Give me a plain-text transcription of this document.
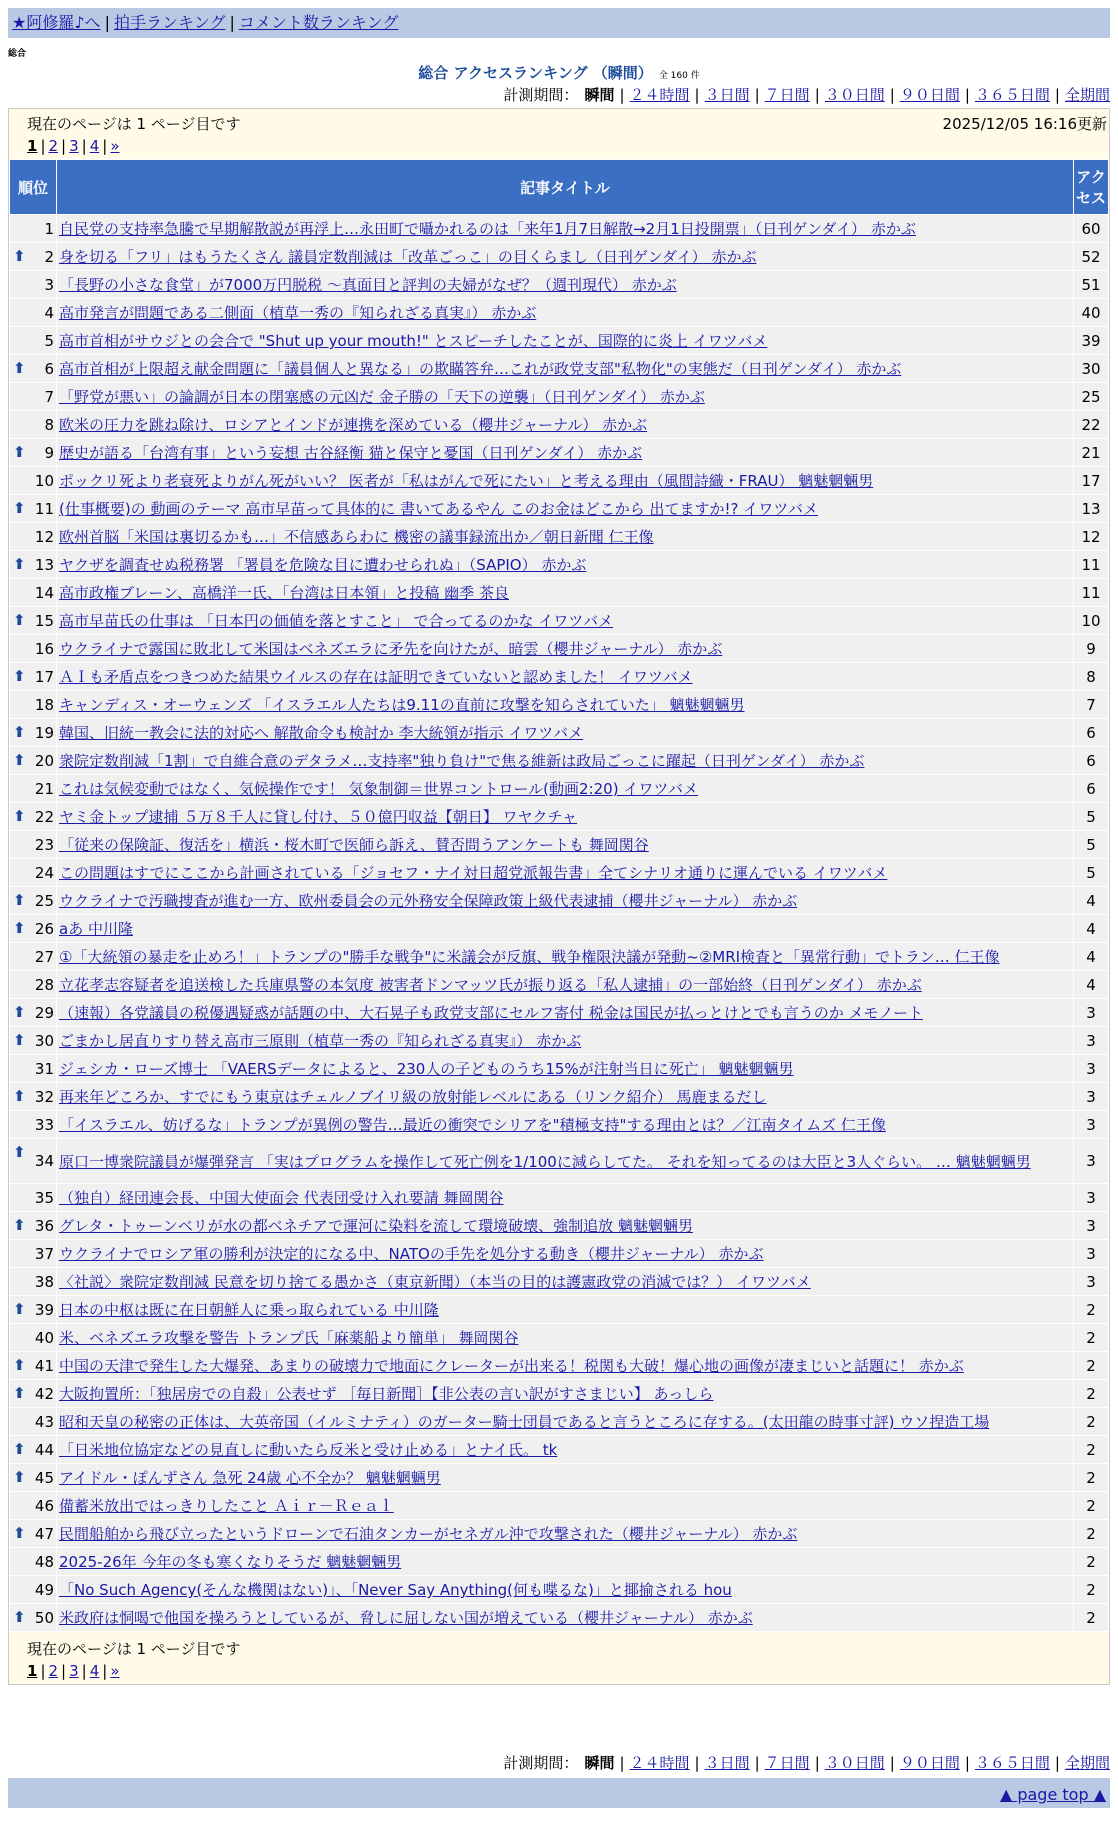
★阿修羅♪へ | 拍手ランキング | コメント数ランキング
総合
総合 アクセスランキング （瞬間） 全 160 件
計測期間： 瞬間 | ２４時間 | ３日間 | ７日間 | ３０日間 | ９０日間 | ３６５日間 | 全期間
現在のページは 1 ページ目です	2025/12/05 16:16更新
1 | 2 | 3 | 4 | »
順位	記事タイトル	アクセス
1	自民党の支持率急騰で早期解散説が再浮上…永田町で囁かれるのは「来年1月7日解散→2月1日投開票」（日刊ゲンダイ） 赤かぶ	60

⬆ 2	身を切る「フリ」はもうたくさん 議員定数削減は「改革ごっこ」の目くらまし（日刊ゲンダイ） 赤かぶ	52
3	「長野の小さな食堂」が7000万円脱税 ～真面目と評判の夫婦がなぜ？（週刊現代） 赤かぶ	51
4	高市発言が問題である二側面（植草一秀の『知られざる真実』） 赤かぶ	40
5	高市首相がサウジとの会合で "Shut up your mouth!" とスピーチしたことが、国際的に炎上 イワツバメ	39

⬆ 6	高市首相が上限超え献金問題に「議員個人と異なる」の欺瞞答弁…これが政党支部"私物化"の実態だ（日刊ゲンダイ） 赤かぶ	30
7	「野党が悪い」の論調が日本の閉塞感の元凶だ 金子勝の「天下の逆襲」（日刊ゲンダイ） 赤かぶ	25
8	欧米の圧力を跳ね除け、ロシアとインドが連携を深めている（櫻井ジャーナル） 赤かぶ	22

⬆ 9	歴史が語る「台湾有事」という妄想 古谷経衡 猫と保守と憂国（日刊ゲンダイ） 赤かぶ	21
10	ポックリ死より老衰死よりがん死がいい？ 医者が「私はがんで死にたい」と考える理由（風間詩織・FRAU） 魑魅魍魎男	17

⬆ 11	(仕事概要)の 動画のテーマ 高市早苗って具体的に 書いてあるやん このお金はどこから 出てますか!? イワツバメ	13
12	欧州首脳「米国は裏切るかも…」不信感あらわに 機密の議事録流出か／朝日新聞 仁王像	12

⬆ 13	ヤクザを調査せぬ税務署 「署員を危険な目に遭わせられぬ」（SAPIO） 赤かぶ	11
14	高市政権ブレーン、高橋洋一氏、「台湾は日本領」と投稿 幽季 茶良	11

⬆ 15	高市早苗氏の仕事は 「日本円の価値を落とすこと」 で合ってるのかな イワツバメ	10
16	ウクライナで露国に敗北して米国はベネズエラに矛先を向けたが、暗雲（櫻井ジャーナル） 赤かぶ	9

⬆ 17	ＡＩも矛盾点をつきつめた結果ウイルスの存在は証明できていないと認めました！ イワツバメ	8
18	キャンディス・オーウェンズ 「イスラエル人たちは9.11の直前に攻撃を知らされていた」 魑魅魍魎男	7

⬆ 19	韓国、旧統一教会に法的対応へ 解散命令も検討か 李大統領が指示 イワツバメ	6

⬆ 20	衆院定数削減「1割」で自維合意のデタラメ…支持率"独り負け"で焦る維新は政局ごっこに躍起（日刊ゲンダイ） 赤かぶ	6
21	これは気候変動ではなく、気候操作です！ 気象制御＝世界コントロール(動画2:20) イワツバメ	6

⬆ 22	ヤミ金トップ逮捕 ５万８千人に貸し付け、５０億円収益【朝日】 ワヤクチャ	5
23	「従来の保険証、復活を」横浜・桜木町で医師ら訴え、賛否問うアンケートも 舞岡関谷	5
24	この問題はすでにここから計画されている「ジョセフ・ナイ対日超党派報告書」全てシナリオ通りに運んでいる イワツバメ	5

⬆ 25	ウクライナで汚職捜査が進む一方、欧州委員会の元外務安全保障政策上級代表逮捕（櫻井ジャーナル） 赤かぶ	4

⬆ 26	aあ 中川隆	4
27	①「大統領の暴走を止めろ！」トランプの"勝手な戦争"に米議会が反旗、戦争権限決議が発動~②MRI検査と「異常行動」でトラン… 仁王像	4
28	立花孝志容疑者を追送検した兵庫県警の本気度 被害者ドンマッツ氏が振り返る「私人逮捕」の一部始終（日刊ゲンダイ） 赤かぶ	4

⬆ 29	（速報）各党議員の税優遇疑惑が話題の中、大石晃子も政党支部にセルフ寄付 税金は国民が払っとけとでも言うのか メモノート	3

⬆ 30	ごまかし居直りすり替え高市三原則（植草一秀の『知られざる真実』） 赤かぶ	3
31	ジェシカ・ローズ博士 「VAERSデータによると、230人の子どものうち15%が注射当日に死亡」 魑魅魍魎男	3

⬆ 32	再来年どころか、すでにもう東京はチェルノブイリ級の放射能レベルにある（リンク紹介） 馬鹿まるだし	3
33	「イスラエル、妨げるな」トランプが異例の警告…最近の衝突でシリアを"積極支持"する理由とは？／江南タイムズ 仁王像	3

⬆ 34	原口一博衆院議員が爆弾発言 「実はプログラムを操作して死亡例を1/100に減らしてた。 それを知ってるのは大臣と3人ぐらい。 … 魑魅魍魎男	3
35	（独自）経団連会長、中国大使面会 代表団受け入れ要請 舞岡関谷	3

⬆ 36	グレタ・トゥーンベリが水の都ベネチアで運河に染料を流して環境破壊、強制追放 魑魅魍魎男	3
37	ウクライナでロシア軍の勝利が決定的になる中、NATOの手先を処分する動き（櫻井ジャーナル） 赤かぶ	3
38	〈社説〉衆院定数削減 民意を切り捨てる愚かさ（東京新聞）（本当の目的は護憲政党の消滅では？） イワツバメ	3

⬆ 39	日本の中枢は既に在日朝鮮人に乗っ取られている 中川隆	2
40	米、ベネズエラ攻撃を警告 トランプ氏「麻薬船より簡単」 舞岡関谷	2

⬆ 41	中国の天津で発生した大爆発、あまりの破壊力で地面にクレーターが出来る！税関も大破！爆心地の画像が凄まじいと話題に！ 赤かぶ	2

⬆ 42	大阪拘置所：「独居房での自殺」公表せず ［毎日新聞］【非公表の言い訳がすさまじい】 あっしら	2
43	昭和天皇の秘密の正体は、大英帝国（イルミナティ）のガーター騎士団員であると言うところに存する。(太田龍の時事寸評) ウソ捏造工場	2

⬆ 44	「日米地位協定などの見直しに動いたら反米と受け止める」とナイ氏。 tk	2

⬆ 45	アイドル・ぽんずさん 急死 24歳 心不全か？ 魑魅魍魎男	2
46	備蓄米放出ではっきりしたこと Ａｉｒ－Ｒｅａｌ	2

⬆ 47	民間船舶から飛び立ったというドローンで石油タンカーがセネガル沖で攻撃された（櫻井ジャーナル） 赤かぶ	2
48	2025-26年 今年の冬も寒くなりそうだ 魑魅魍魎男	2
49	「No Such Agency(そんな機関はない)」、「Never Say Anything(何も喋るな)」と揶揄される hou	2

⬆ 50	米政府は恫喝で他国を操ろうとしているが、脅しに屈しない国が増えている（櫻井ジャーナル） 赤かぶ	2
現在のページは 1 ページ目です
1 | 2 | 3 | 4 | »
計測期間： 瞬間 | ２４時間 | ３日間 | ７日間 | ３０日間 | ９０日間 | ３６５日間 | 全期間
▲ page top ▲
